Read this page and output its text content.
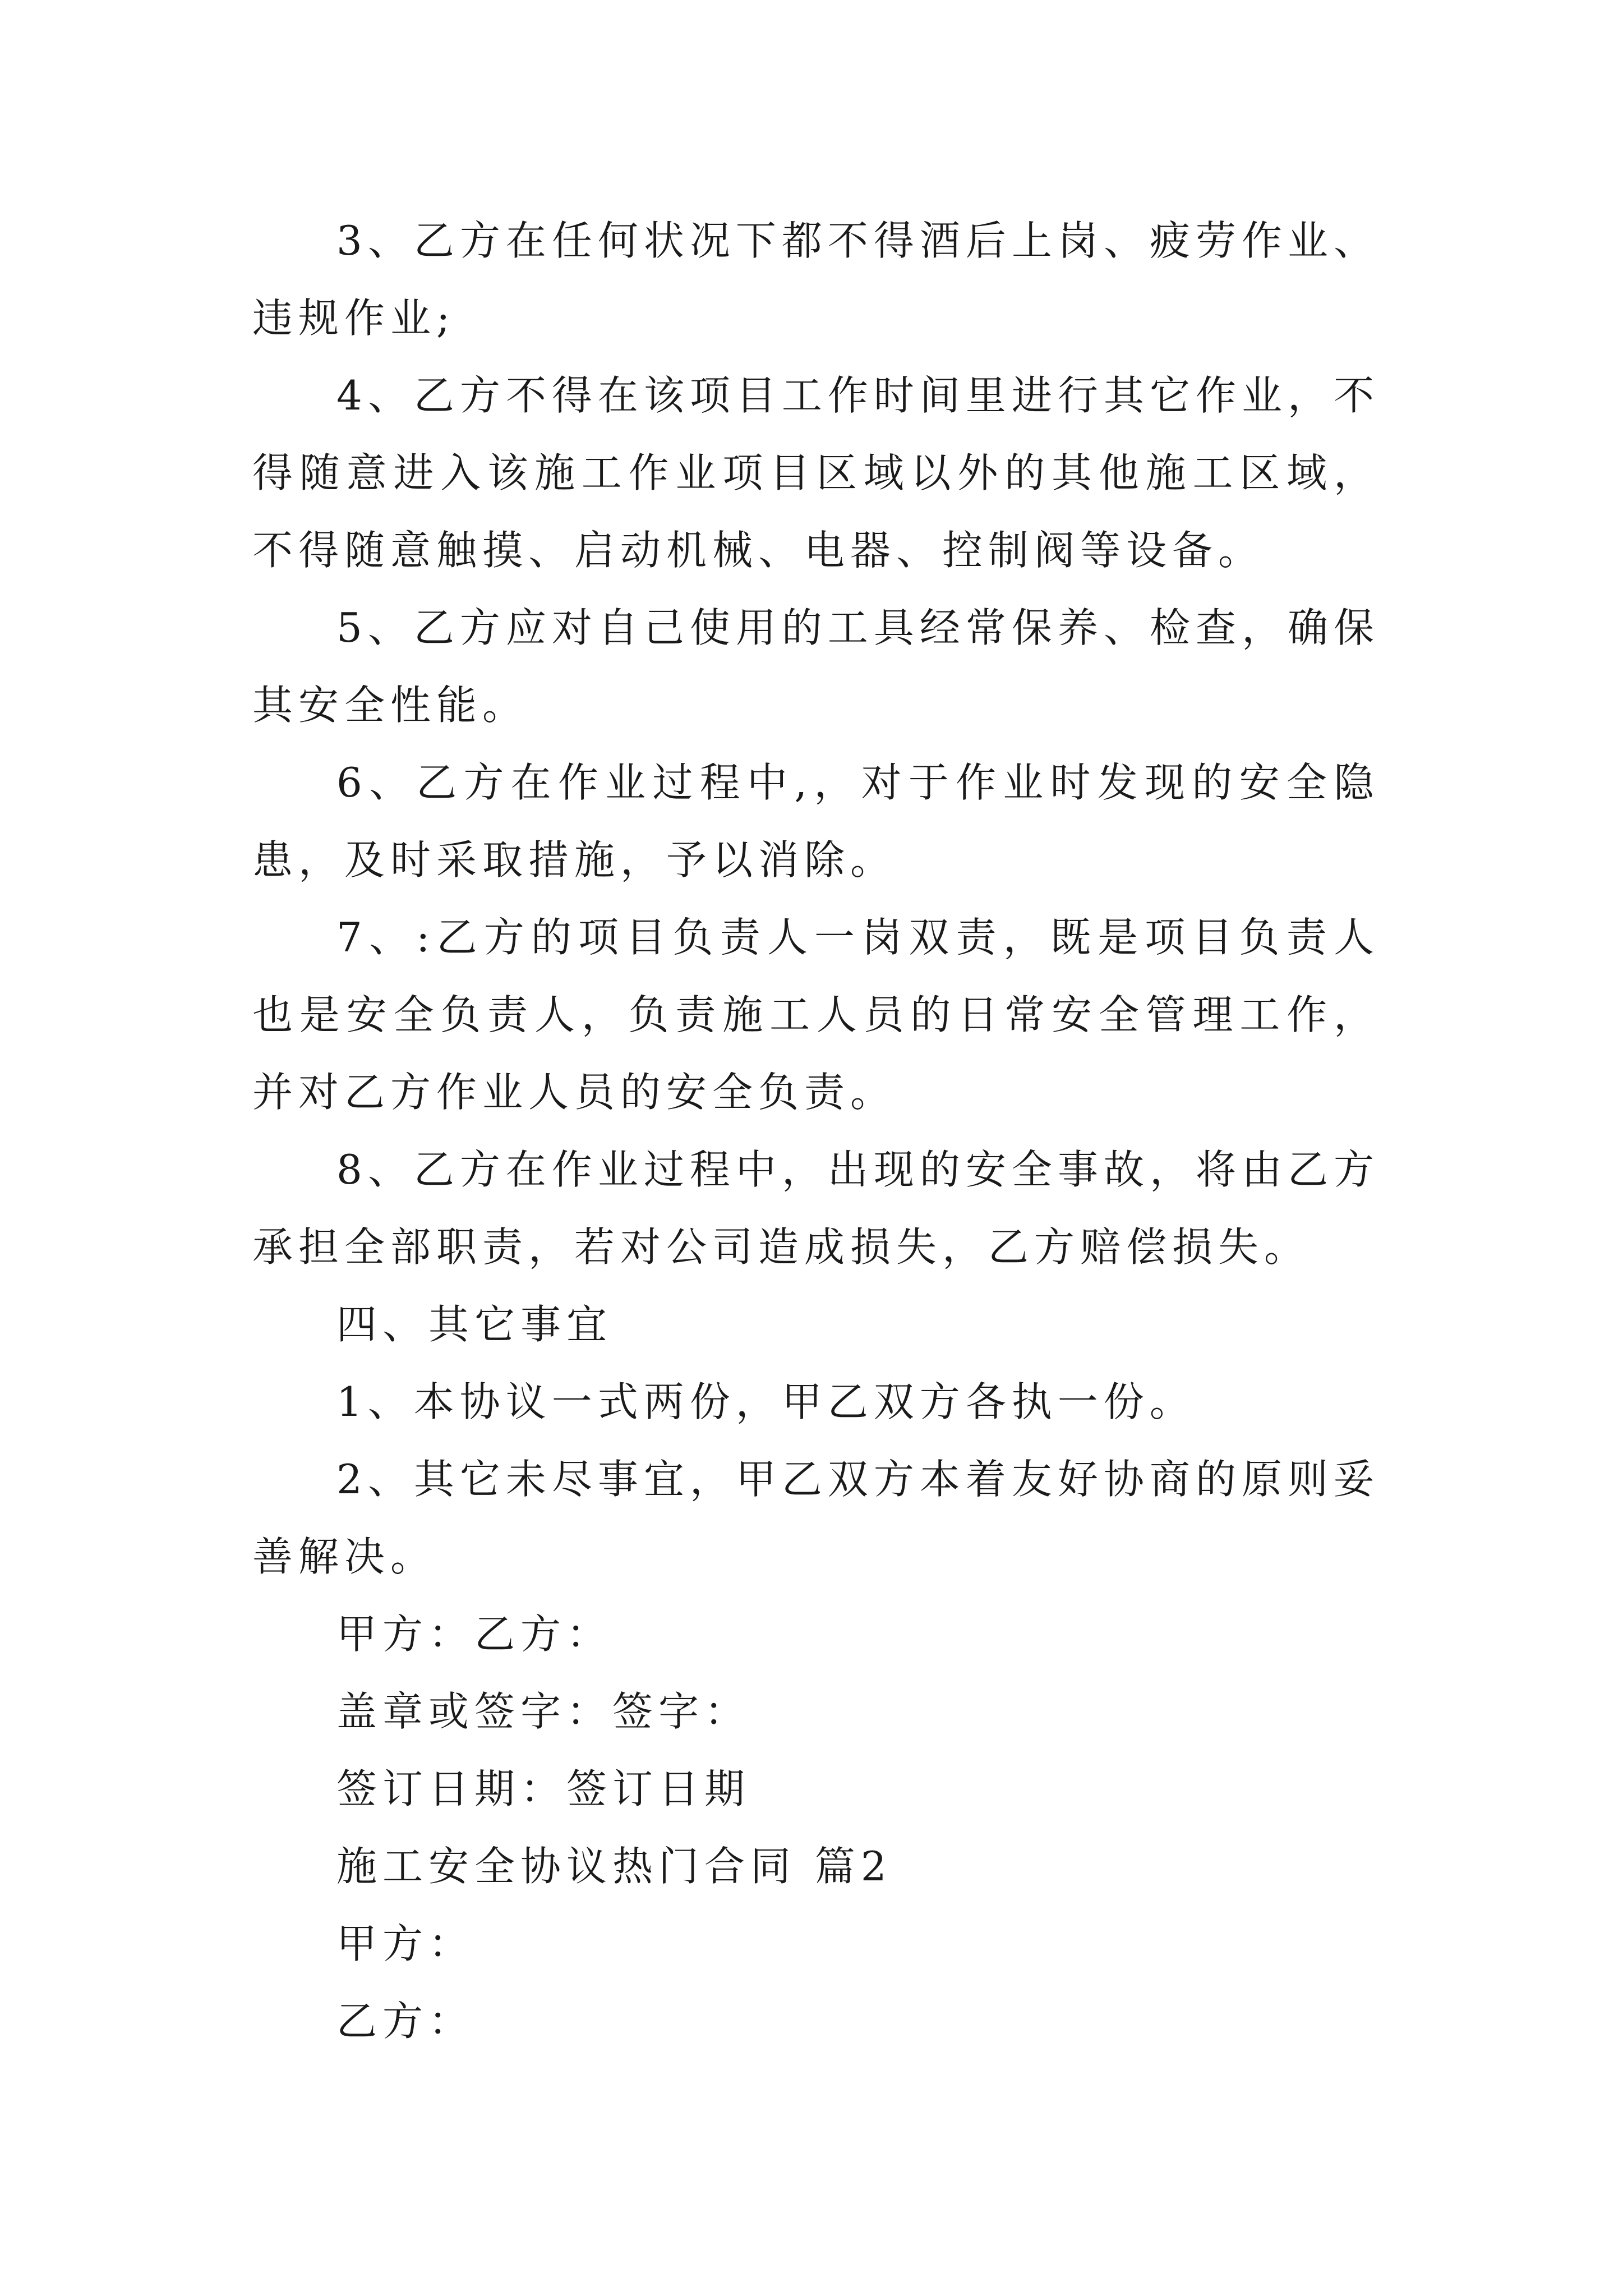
3、乙方在任何状况下都不得酒后上岗、疲劳作业、违规作业;

4、乙方不得在该项目工作时间里进行其它作业，不得随意进入该施工作业项目区域以外的其他施工区域，不得随意触摸、启动机械、电器、控制阀等设备。

5、乙方应对自己使用的工具经常保养、检查，确保其安全性能。

6、乙方在作业过程中,，对于作业时发现的安全隐患，及时采取措施，予以消除。

7、:乙方的项目负责人一岗双责，既是项目负责人也是安全负责人，负责施工人员的日常安全管理工作，并对乙方作业人员的安全负责。

8、乙方在作业过程中，出现的安全事故，将由乙方承担全部职责，若对公司造成损失，乙方赔偿损失。

四、其它事宜

1、本协议一式两份，甲乙双方各执一份。

2、其它未尽事宜，甲乙双方本着友好协商的原则妥善解决。

甲方：乙方：

盖章或签字：签字：

签订日期：签订日期

施工安全协议热门合同 篇2

甲方：

乙方：
